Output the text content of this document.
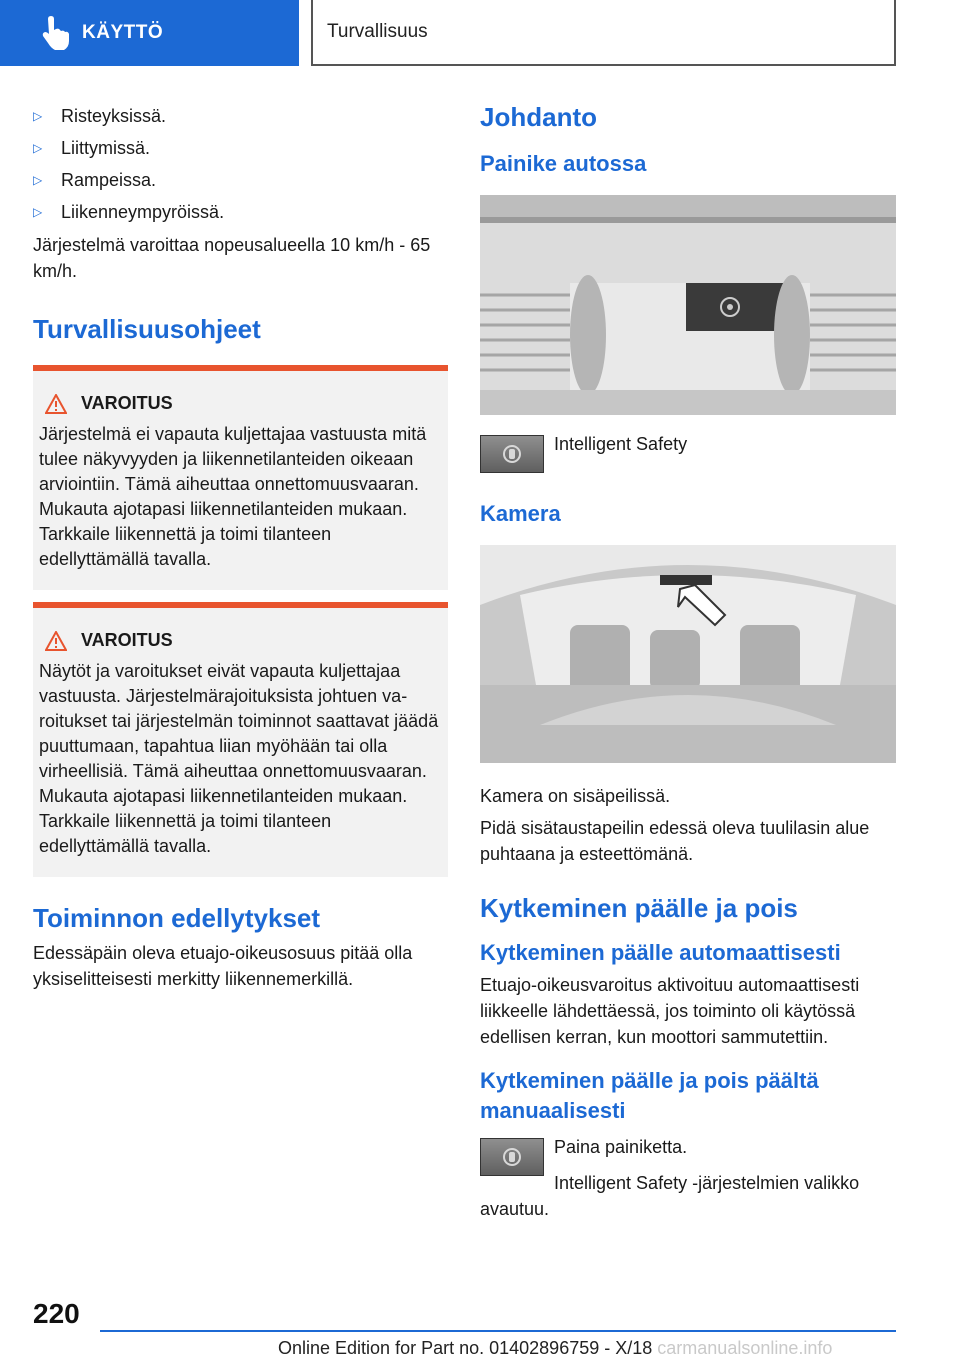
KÄYTTÖ	Turvallisuus
▷	Risteyksissä.
▷	Liittymissä.
▷	Rampeissa.
▷	Liikenneympyröissä.

Järjestelmä varoittaa nopeusalueella 10 km/h - 65 km/h.

Turvallisuusohjeet
VAROITUS

Järjestelmä ei vapauta kuljettajaa vastuusta mitä tulee näkyvyyden ja liikennetilanteiden oikeaan arviointiin. Tämä aiheuttaa onnettomuusvaaran. Mukauta ajotapasi liikennetilanteiden mukaan. Tarkkaile liikennettä ja toimi tilanteen edellyttämällä tavalla.

VAROITUS

Näytöt ja varoitukset eivät vapauta kuljettajaa vastuusta. Järjestelmärajoituksista johtuen varoitukset tai järjestelmän toiminnot saattavat jäädä puuttumaan, tapahtua liian myöhään tai olla virheellisiä. Tämä aiheuttaa onnettomuusvaaran. Mukauta ajotapasi liikennetilanteiden mukaan. Tarkkaile liikennettä ja toimi tilanteen edellyttämällä tavalla.

Toiminnon edellytykset

Edessäpäin oleva etuajo-oikeusosuus pitää olla yksiselitteisesti merkitty liikennemerkillä.

Johdanto
Painike autossa
Intelligent Safety
Kamera

Kamera on sisäpeilissä.

Pidä sisätaustapeilin edessä oleva tuulilasin alue puhtaana ja esteettömänä.

Kytkeminen päälle ja pois
Kytkeminen päälle automaattisesti

Etuajo-oikeusvaroitus aktivoituu automaattisesti liikkeelle lähdettäessä, jos toiminto oli käytössä edellisen kerran, kun moottori sammutettiin.

Kytkeminen päälle ja pois päältä manuaalisesti
Paina painiketta.

Intelligent Safety -järjestelmien valikko avautuu.

220
Online Edition for Part no. 01402896759 - X/18 carmanualsonline.info
